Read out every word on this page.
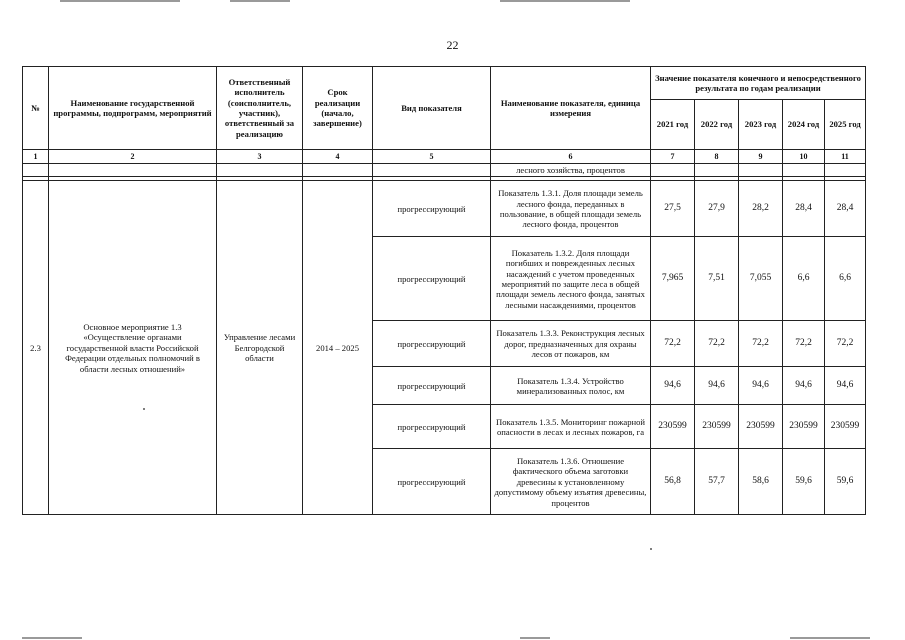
22
№	Наименование государственной программы, подпрограмм, мероприятий	Ответственный исполнитель (соисполнитель, участник), ответственный за реализацию	Срок реализации (начало, завершение)	Вид показателя	Наименование показателя, единица измерения	Значение показателя конечного и непосредственного результата по годам реализации				
						2021 год	2022 год	2023 год	2024 год	2025 год
1	2	3	4	5	6	7	8	9	10	11
					лесного хозяйства, процентов					

2.3	Основное мероприятие 1.3 «Осуществление органами государственной власти Российской Федерации отдельных полномочий в области лесных отношений»	Управление лесами Белгородской области	2014 – 2025	прогрессирующий	Показатель 1.3.1. Доля площади земель лесного фонда, переданных в пользование, в общей площади земель лесного фонда, процентов	27,5	27,9	28,2	28,4	28,4
				прогрессирующий	Показатель 1.3.2. Доля площади погибших и поврежденных лесных насаждений с учетом проведенных мероприятий по защите леса в общей площади земель лесного фонда, занятых лесными насаждениями, процентов	7,965	7,51	7,055	6,6	6,6
				прогрессирующий	Показатель 1.3.3. Реконструкция лесных дорог, предназначенных для охраны лесов от пожаров, км	72,2	72,2	72,2	72,2	72,2
				прогрессирующий	Показатель 1.3.4. Устройство минерализованных полос, км	94,6	94,6	94,6	94,6	94,6
				прогрессирующий	Показатель 1.3.5. Мониторинг пожарной опасности в лесах и лесных пожаров, га	230599	230599	230599	230599	230599
				прогрессирующий	Показатель 1.3.6. Отношение фактического объема заготовки древесины к установленному допустимому объему изъятия древесины, процентов	56,8	57,7	58,6	59,6	59,6
